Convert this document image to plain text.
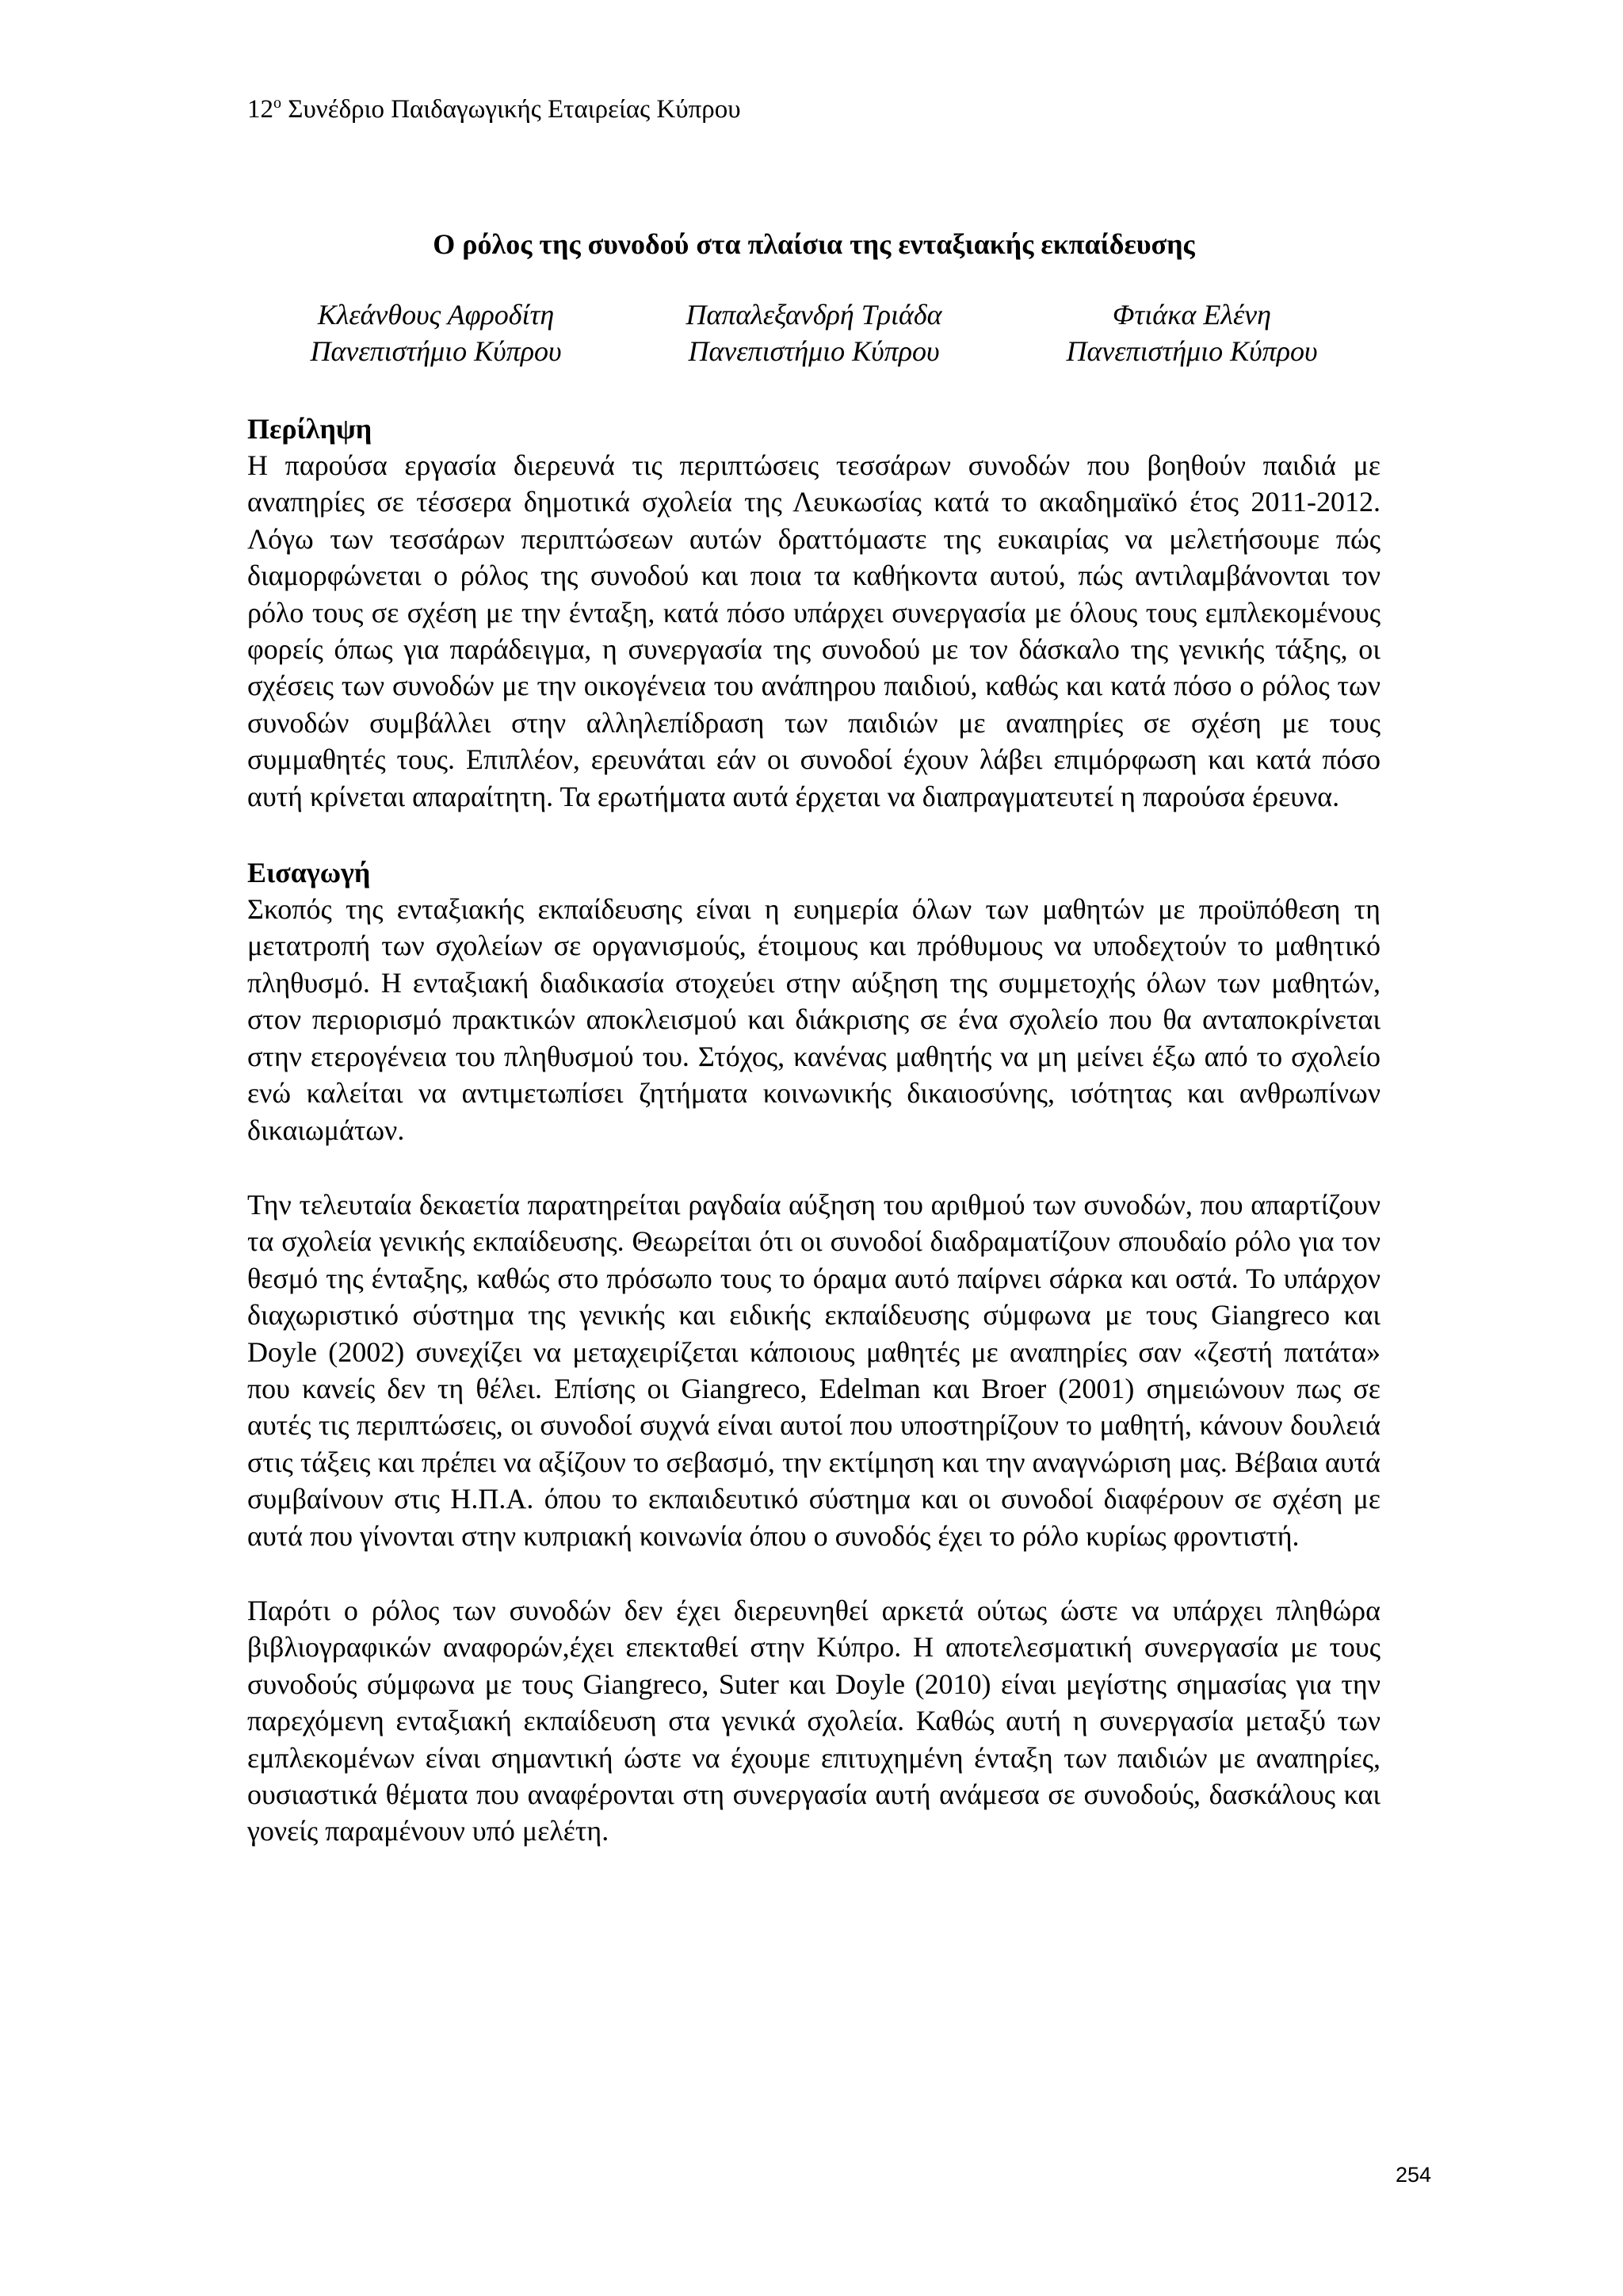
$12^o$ Συνέδριο Παιδαγωγικής Εταιρείας Κύπρου

Ο ρόλος της συνοδού στα πλαίσια της ενταξιακής εκπαίδευσης

Κλεάνθους Αφροδίτη
Πανεπιστήμιο Κύπρου
Παπαλεξανδρή Τριάδα
Πανεπιστήμιο Κύπρου
Φτιάκα Ελένη
Πανεπιστήμιο Κύπρου

Περίληψη

Η παρούσα εργασία διερευνά τις περιπτώσεις τεσσάρων συνοδών που βοηθούν παιδιά με αναπηρίες σε τέσσερα δημοτικά σχολεία της Λευκωσίας κατά το ακαδημαϊκό έτος 2011-2012. Λόγω των τεσσάρων περιπτώσεων αυτών δραττόμαστε της ευκαιρίας να μελετήσουμε πώς διαμορφώνεται ο ρόλος της συνοδού και ποια τα καθήκοντα αυτού, πώς αντιλαμβάνονται τον ρόλο τους σε σχέση με την ένταξη, κατά πόσο υπάρχει συνεργασία με όλους τους εμπλεκομένους φορείς όπως για παράδειγμα, η συνεργασία της συνοδού με τον δάσκαλο της γενικής τάξης, οι σχέσεις των συνοδών με την οικογένεια του ανάπηρου παιδιού, καθώς και κατά πόσο ο ρόλος των συνοδών συμβάλλει στην αλληλεπίδραση των παιδιών με αναπηρίες σε σχέση με τους συμμαθητές τους. Επιπλέον, ερευνάται εάν οι συνοδοί έχουν λάβει επιμόρφωση και κατά πόσο αυτή κρίνεται απαραίτητη. Τα ερωτήματα αυτά έρχεται να διαπραγματευτεί η παρούσα έρευνα.

Εισαγωγή

Σκοπός της ενταξιακής εκπαίδευσης είναι η ευημερία όλων των μαθητών με προϋπόθεση τη μετατροπή των σχολείων σε οργανισμούς, έτοιμους και πρόθυμους να υποδεχτούν το μαθητικό πληθυσμό. Η ενταξιακή διαδικασία στοχεύει στην αύξηση της συμμετοχής όλων των μαθητών, στον περιορισμό πρακτικών αποκλεισμού και διάκρισης σε ένα σχολείο που θα ανταποκρίνεται στην ετερογένεια του πληθυσμού του. Στόχος, κανένας μαθητής να μη μείνει έξω από το σχολείο ενώ καλείται να αντιμετωπίσει ζητήματα κοινωνικής δικαιοσύνης, ισότητας και ανθρωπίνων δικαιωμάτων.

Την τελευταία δεκαετία παρατηρείται ραγδαία αύξηση του αριθμού των συνοδών, που απαρτίζουν τα σχολεία γενικής εκπαίδευσης. Θεωρείται ότι οι συνοδοί διαδραματίζουν σπουδαίο ρόλο για τον θεσμό της ένταξης, καθώς στο πρόσωπο τους το όραμα αυτό παίρνει σάρκα και οστά. Το υπάρχον διαχωριστικό σύστημα της γενικής και ειδικής εκπαίδευσης σύμφωνα με τους Giangreco και Doyle (2002) συνεχίζει να μεταχειρίζεται κάποιους μαθητές με αναπηρίες σαν «ζεστή πατάτα» που κανείς δεν τη θέλει. Επίσης οι Giangreco, Edelman και Broer (2001) σημειώνουν πως σε αυτές τις περιπτώσεις, οι συνοδοί συχνά είναι αυτοί που υποστηρίζουν το μαθητή, κάνουν δουλειά στις τάξεις και πρέπει να αξίζουν το σεβασμό, την εκτίμηση και την αναγνώριση μας. Βέβαια αυτά συμβαίνουν στις Η.Π.Α. όπου το εκπαιδευτικό σύστημα και οι συνοδοί διαφέρουν σε σχέση με αυτά που γίνονται στην κυπριακή κοινωνία όπου ο συνοδός έχει το ρόλο κυρίως φροντιστή.

Παρότι ο ρόλος των συνοδών δεν έχει διερευνηθεί αρκετά ούτως ώστε να υπάρχει πληθώρα βιβλιογραφικών αναφορών,έχει επεκταθεί στην Κύπρο. Η αποτελεσματική συνεργασία με τους συνοδούς σύμφωνα με τους Giangreco, Suter και Doyle (2010) είναι μεγίστης σημασίας για την παρεχόμενη ενταξιακή εκπαίδευση στα γενικά σχολεία. Καθώς αυτή η συνεργασία μεταξύ των εμπλεκομένων είναι σημαντική ώστε να έχουμε επιτυχημένη ένταξη των παιδιών με αναπηρίες, ουσιαστικά θέματα που αναφέρονται στη συνεργασία αυτή ανάμεσα σε συνοδούς, δασκάλους και γονείς παραμένουν υπό μελέτη.

254
